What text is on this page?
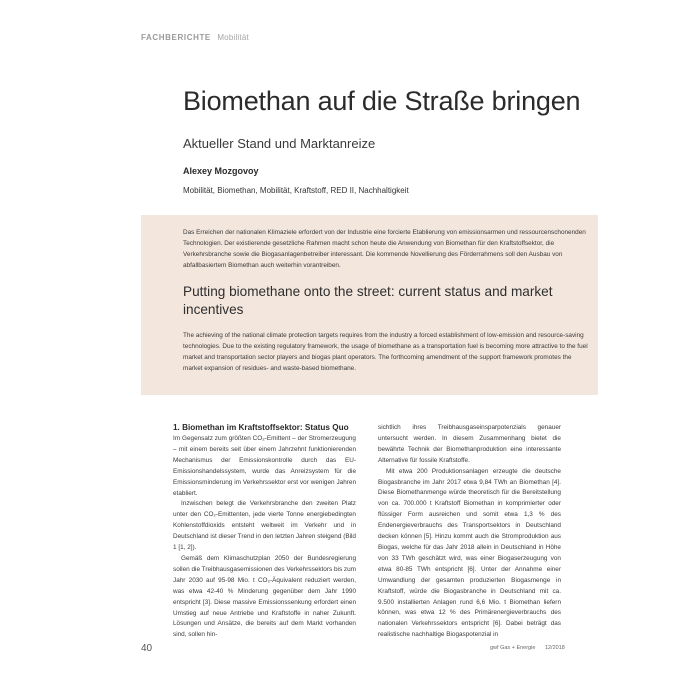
FACHBERICHTE Mobilität
Biomethan auf die Straße bringen
Aktueller Stand und Marktanreize
Alexey Mozgovoy
Mobilität, Biomethan, Mobilität, Kraftstoff, RED II, Nachhaltigkeit
Das Erreichen der nationalen Klimaziele erfordert von der Industrie eine forcierte Etablierung von emissionsarmen und ressourcenschonenden Technologien. Der existierende gesetzliche Rahmen macht schon heute die Anwendung von Biomethan für den Kraftstoffsektor, die Verkehrsbranche sowie die Biogasanlagenbetreiber interessant. Die kommende Novellierung des Förderrahmens soll den Ausbau von abfallbasiertem Biomethan auch weiterhin vorantreiben.
Putting biomethane onto the street: current status and market incentives
The achieving of the national climate protection targets requires from the industry a forced establishment of low-emission and resource-saving technologies. Due to the existing regulatory framework, the usage of biomethane as a transportation fuel is becoming more attractive to the fuel market and transportation sector players and biogas plant operators. The forthcoming amendment of the support framework promotes the market expansion of residues- and waste-based biomethane.
1. Biomethan im Kraftstoffsektor: Status Quo

Im Gegensatz zum größten CO₂-Emittent – der Stromerzeugung – mit einem bereits seit über einem Jahrzehnt funktionierenden Mechanismus der Emissionskontrolle durch das EU-Emissionshandelssystem, wurde das Anreizsystem für die Emissionsminderung im Verkehrssektor erst vor wenigen Jahren etabliert.

Inzwischen belegt die Verkehrsbranche den zweiten Platz unter den CO₂-Emittenten, jede vierte Tonne energiebedingten Kohlenstoffdioxids entsteht weltweit im Verkehr und in Deutschland ist dieser Trend in den letzten Jahren steigend (Bild 1 [1, 2]).

Gemäß dem Klimaschutzplan 2050 der Bundesregierung sollen die Treibhausgasemissionen des Verkehrssektors bis zum Jahr 2030 auf 95-98 Mio. t CO₂-Äquivalent reduziert werden, was etwa 42-40 % Minderung gegenüber dem Jahr 1990 entspricht [3]. Diese massive Emissionssenkung erfordert einen Umstieg auf neue Antriebe und Kraftstoffe in naher Zukunft. Lösungen und Ansätze, die bereits auf dem Markt vorhanden sind, sollen hin-

sichtlich ihres Treibhausgaseinsparpotenzials genauer untersucht werden. In diesem Zusammenhang bietet die bewährte Technik der Biomethanproduktion eine interessante Alternative für fossile Kraftstoffe.

Mit etwa 200 Produktionsanlagen erzeugte die deutsche Biogasbranche im Jahr 2017 etwa 9,84 TWh an Biomethan [4]. Diese Biomethanmenge würde theoretisch für die Bereitstellung von ca. 700.000 t Kraftstoff Biomethan in komprimierter oder flüssiger Form ausreichen und somit etwa 1,3 % des Endenergieverbrauchs des Transportsektors in Deutschland decken können [5]. Hinzu kommt auch die Stromproduktion aus Biogas, welche für das Jahr 2018 allein in Deutschland in Höhe von 33 TWh geschätzt wird, was einer Biogaserzeugung von etwa 80-85 TWh entspricht [6]. Unter der Annahme einer Umwandlung der gesamten produzierten Biogasmenge in Kraftstoff, würde die Biogasbranche in Deutschland mit ca. 9.500 installierten Anlagen rund 6,6 Mio. t Biomethan liefern können, was etwa 12 % des Primärenergieverbrauchs des nationalen Verkehrssektors entspricht [6]. Dabei beträgt das realistische nachhaltige Biogaspotenzial in

40	gwf Gas + Energie 12/2018
